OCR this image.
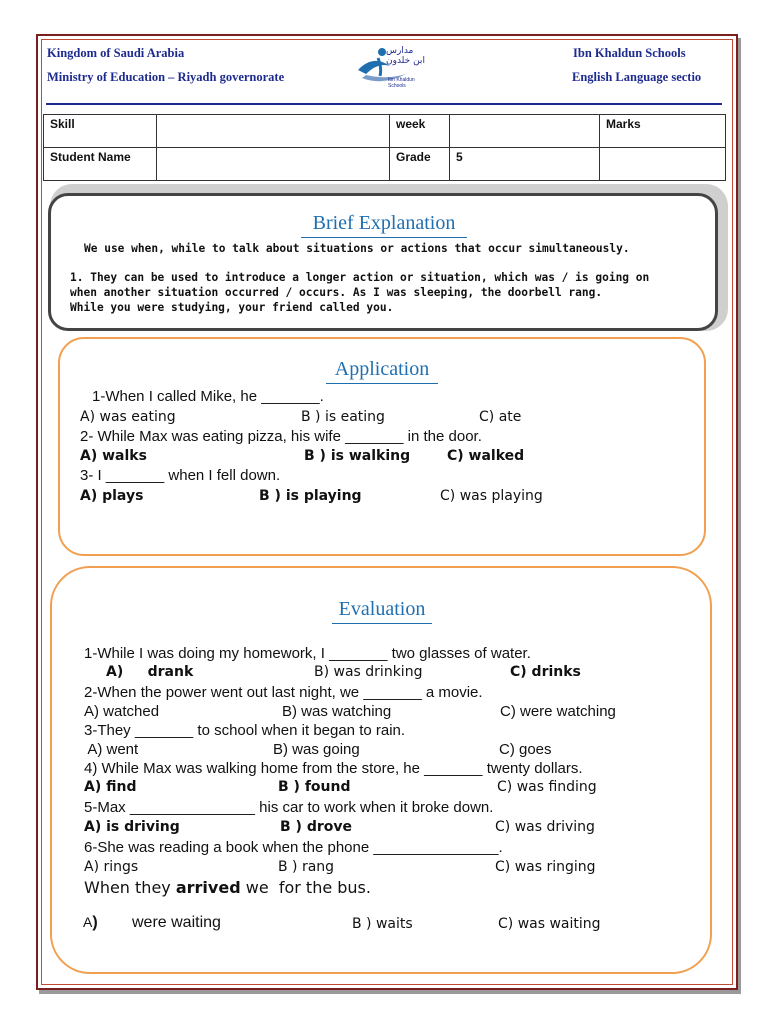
Kingdom of Saudi Arabia
Ministry of Education – Riyadh governorate
Ibn Khaldun Schools
English Language sectio
مدارس ابن خلدون
Ibn Khaldun Schools
Skill		week		Marks
Student Name		Grade	5	
Brief Explanation
We use when, while to talk about situations or actions that occur simultaneously.
1. They can be used to introduce a longer action or situation, which was / is going on
when another situation occurred / occurs. As I was sleeping, the doorbell rang.
While you were studying, your friend called you.
Application
1-When I called Mike, he _______.
A) was eating	B ) is eating	C) ate
2- While Max was eating pizza, his wife _______ in the door.
A) walks	B ) is walking	C) walked
3- I _______ when I fell down.
A) plays	B ) is playing	C) was playing
Evaluation
1-While I was doing my homework, I _______ two glasses of water.
A)     drank	B) was drinking	C) drinks
2-When the power went out last night, we _______ a movie.
A) watched	B) was watching	C) were watching
3-They _______ to school when it began to rain.
A) went	B) was going	C) goes
4) While Max was walking home from the store, he _______ twenty dollars.
A) find	B ) found	C) was finding
5-Max _______________ his car to work when it broke down.
A) is driving	B ) drove	C) was driving
6-She was reading a book when the phone _______________.
A) rings	B ) rang	C) was ringing
When they arrived we  for the bus.
A) were waiting	B ) waits	C) was waiting
